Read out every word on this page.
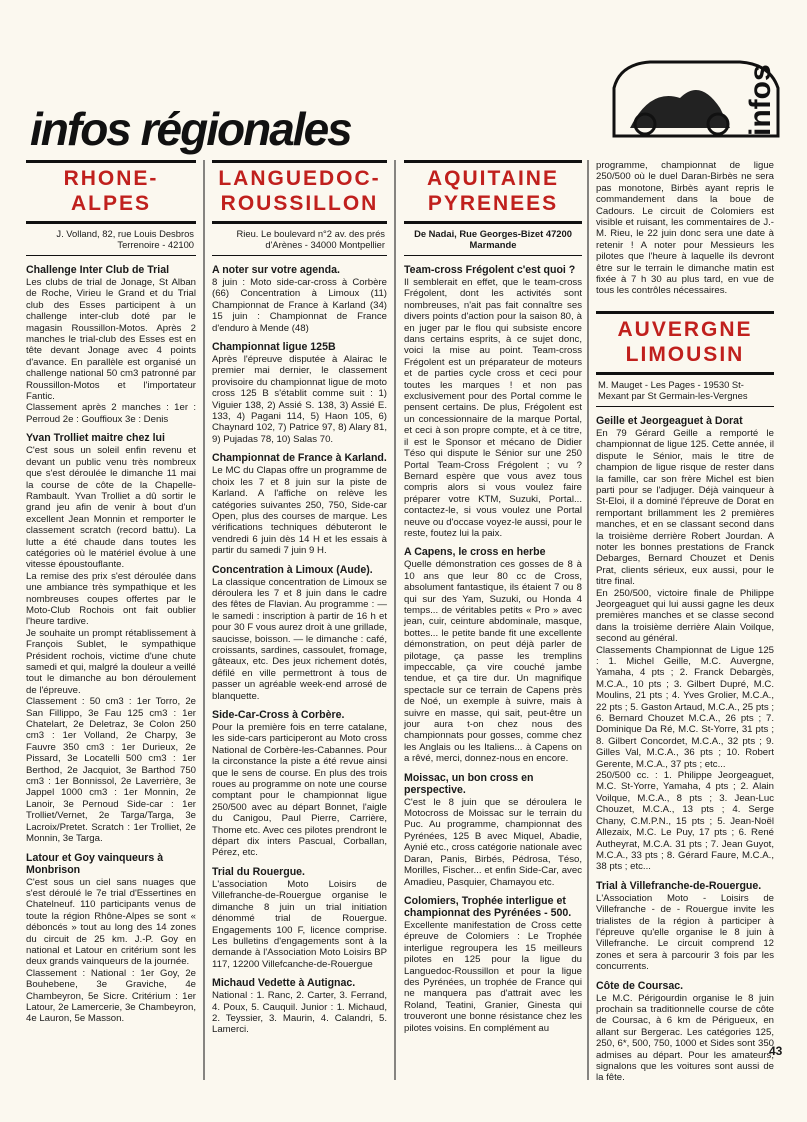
infos régionales	infos
RHONE-ALPES
J. Volland, 82, rue Louis Desbros Terrenoire - 42100
Challenge Inter Club de Trial

Les clubs de trial de Jonage, St Alban de Roche, Virieu le Grand et du Trial club des Esses participent à un challenge inter-club doté par le magasin Roussillon-Motos. Après 2 manches le trial-club des Esses est en tête devant Jonage avec 4 points d'avance. En parallèle est organisé un challenge national 50 cm3 patronné par Roussillon-Motos et l'importateur Fantic.

Classement après 2 manches : 1er : Perroud 2e : Gouffioux 3e : Denis

Yvan Trolliet maitre chez lui

C'est sous un soleil enfin revenu et devant un public venu très nombreux que s'est déroulée le dimanche 11 mai la course de côte de la Chapelle-Rambault. Yvan Trolliet a dû sortir le grand jeu afin de venir à bout d'un excellent Jean Monnin et remporter le classement scratch (record battu). La lutte a été chaude dans toutes les catégories où le matériel évolue à une vitesse époustouflante.

La remise des prix s'est déroulée dans une ambiance très sympathique et les nombreuses coupes offertes par le Moto-Club Rochois ont fait oublier l'heure tardive.

Je souhaite un prompt rétablissement à François Sublet, le sympathique Président rochois, victime d'une chute samedi et qui, malgré la douleur a veillé tout le dimanche au bon déroulement de l'épreuve.

Classement : 50 cm3 : 1er Torro, 2e San Fillippo, 3e Fau 125 cm3 : 1er Chatelart, 2e Deletraz, 3e Colon 250 cm3 : 1er Volland, 2e Charpy, 3e Fauvre 350 cm3 : 1er Durieux, 2e Pissard, 3e Locatelli 500 cm3 : 1er Berthod, 2e Jacquiot, 3e Barthod 750 cm3 : 1er Bonnissol, 2e Laverrière, 3e Jappel 1000 cm3 : 1er Monnin, 2e Lanoir, 3e Pernoud Side-car : 1er Trolliet/Vernet, 2e Targa/Targa, 3e Lacroix/Pretet. Scratch : 1er Trolliet, 2e Monnin, 3e Targa.

Latour et Goy vainqueurs à Monbrison

C'est sous un ciel sans nuages que s'est déroulé le 7e trial d'Essertines en Chatelneuf. 110 participants venus de toute la région Rhône-Alpes se sont « déboncés » tout au long des 14 zones du circuit de 25 km. J.-P. Goy en national et Latour en critérium sont les deux grands vainqueurs de la journée.

Classement : National : 1er Goy, 2e Bouhebene, 3e Graviche, 4e Chambeyron, 5e Sicre. Critérium : 1er Latour, 2e Lamercerie, 3e Chambeyron, 4e Lauron, 5e Masson.

LANGUEDOC-ROUSSILLON
Rieu. Le boulevard n°2 av. des prés d'Arènes - 34000 Montpellier
A noter sur votre agenda.

8 juin : Moto side-car-cross à Corbère (66) Concentration à Limoux (11) Championnat de France à Karland (34) 15 juin : Championnat de France d'enduro à Mende (48)

Championnat ligue 125B

Après l'épreuve disputée à Alairac le premier mai dernier, le classement provisoire du championnat ligue de moto cross 125 B s'établit comme suit : 1) Viguier 138, 2) Assié S. 138, 3) Assié E. 133, 4) Pagani 114, 5) Haon 105, 6) Chaynard 102, 7) Patrice 97, 8) Alary 81, 9) Pujadas 78, 10) Salas 70.

Championnat de France à Karland.

Le MC du Clapas offre un programme de choix les 7 et 8 juin sur la piste de Karland. A l'affiche on relève les catégories suivantes 250, 750, Side-car Open, plus des courses de marque. Les vérifications techniques débuteront le vendredi 6 juin dès 14 H et les essais à partir du samedi 7 juin 9 H.

Concentration à Limoux (Aude).

La classique concentration de Limoux se déroulera les 7 et 8 juin dans le cadre des fêtes de Flavian. Au programme : — le samedi : inscription à partir de 16 h et pour 30 F vous aurez droit à une grillade, saucisse, boisson. — le dimanche : café, croissants, sardines, cassoulet, fromage, gâteaux, etc. Des jeux richement dotés, défilé en ville permettront à tous de passer un agréable week-end arrosé de blanquette.

Side-Car-Cross à Corbère.

Pour la première fois en terre catalane, les side-cars participeront au Moto cross National de Corbère-les-Cabannes. Pour la circonstance la piste a été revue ainsi que le sens de course. En plus des trois roues au programme on note une course comptant pour le championnat ligue 250/500 avec au départ Bonnet, l'aigle du Canigou, Paul Pierre, Carrière, Thome etc. Avec ces pilotes prendront le départ dix inters Pascual, Corballan, Pérez, etc.

Trial du Rouergue.

L'association Moto Loisirs de Villefranche-de-Rouergue organise le dimanche 8 juin un trial initiation dénommé trial de Rouergue. Engagements 100 F, licence comprise. Les bulletins d'engagements sont à la demande à l'Association Moto Loisirs BP 117, 12200 Villefcanche-de-Rouergue

Michaud Vedette à Autignac.

National : 1. Ranc, 2. Carter, 3. Ferrand, 4. Poux, 5. Cauquil. Junior : 1. Michaud, 2. Teyssier, 3. Maurin, 4. Calandri, 5. Lamerci.

AQUITAINE PYRENEES
De Nadai, Rue Georges-Bizet 47200 Marmande
Team-cross Frégolent c'est quoi ?

Il semblerait en effet, que le team-cross Frégolent, dont les activités sont nombreuses, n'ait pas fait connaître ses divers points d'action pour la saison 80, à en juger par le flou qui subsiste encore dans certains esprits, à ce sujet donc, voici la mise au point. Team-cross Frégolent est un préparateur de moteurs et de parties cycle cross et ceci pour toutes les marques ! et non pas exclusivement pour des Portal comme le pensent certains. De plus, Frégolent est un concessionnaire de la marque Portal, et ceci à son propre compte, et à ce titre, il est le Sponsor et mécano de Didier Téso qui dispute le Sénior sur une 250 Portal Team-Cross Frégolent ; vu ? Bernard espère que vous avez tous compris alors si vous voulez faire préparer votre KTM, Suzuki, Portal... contactez-le, si vous voulez une Portal neuve ou d'occase voyez-le aussi, pour le reste, foutez lui la paix.

A Capens, le cross en herbe

Quelle démonstration ces gosses de 8 à 10 ans que leur 80 cc de Cross, absolument fantastique, ils étaient 7 ou 8 qui sur des Yam, Suzuki, ou Honda 4 temps... de véritables petits « Pro » avec jean, cuir, ceinture abdominale, masque, bottes... le petite bande fit une excellente démonstration, on peut déjà parler de pilotage, ça passe les tremplins impeccable, ça vire couché jambe tendue, et ça tire dur. Un magnifique spectacle sur ce terrain de Capens près de Noé, un exemple à suivre, mais à suivre en masse, qui sait, peut-être un jour aura t-on chez nous des championnats pour gosses, comme chez les Anglais ou les Italiens... à Capens on a rêvé, merci, donnez-nous en encore.

Moissac, un bon cross en perspective.

C'est le 8 juin que se déroulera le Motocross de Moissac sur le terrain du Puc. Au programme, championnat des Pyrénées, 125 B avec Miquel, Abadie, Aynié etc., cross catégorie nationale avec Daran, Panis, Birbés, Pédrosa, Téso, Morilles, Fischer... et enfin Side-Car, avec Amadieu, Pasquier, Chamayou etc.

Colomiers, Trophée interligue et championnat des Pyrénées - 500.

Excellente manifestation de Cross cette épreuve de Colomiers : Le Trophée interligue regroupera les 15 meilleurs pilotes en 125 pour la ligue du Languedoc-Roussillon et pour la ligue des Pyrénées, un trophée de France qui ne manquera pas d'attrait avec les Roland, Teatini, Granier, Ginesta qui trouveront une bonne résistance chez les pilotes voisins. En complément au

programme, championnat de ligue 250/500 où le duel Daran-Birbès ne sera pas monotone, Birbès ayant repris le commandement dans la boue de Cadours. Le circuit de Colomiers est visible et ruisant, les commentaires de J.-M. Rieu, le 22 juin donc sera une date à retenir ! A noter pour Messieurs les pilotes que l'heure à laquelle ils devront être sur le terrain le dimanche matin est fixée à 7 h 30 au plus tard, en vue de tous les contrôles nécessaires.

AUVERGNE LIMOUSIN
M. Mauget - Les Pages - 19530 St-Mexant par St Germain-les-Vergnes
Geille et Jeorgeaguet à Dorat

En 79 Gérard Geille a remporté le championnat de ligue 125. Cette année, il dispute le Sénior, mais le titre de champion de ligue risque de rester dans la famille, car son frère Michel est bien parti pour se l'adjuger. Déjà vainqueur à St-Eloi, il a dominé l'épreuve de Dorat en remportant brillamment les 2 premières manches, et en se classant second dans la troisième derrière Robert Jourdan. A noter les bonnes prestations de Franck Debarges, Bernard Chouzet et Denis Prat, clients sérieux, eux aussi, pour le titre final.

En 250/500, victoire finale de Philippe Jeorgeaguet qui lui aussi gagne les deux premières manches et se classe second dans la troisième derrière Alain Voilque, second au général.

Classements Championnat de Ligue 125 : 1. Michel Geille, M.C. Auvergne, Yamaha, 4 pts ; 2. Franck Debargès, M.C.A., 10 pts ; 3. Gilbert Dupré, M.C. Moulins, 21 pts ; 4. Yves Grolier, M.C.A., 22 pts ; 5. Gaston Artaud, M.C.A., 25 pts ; 6. Bernard Chouzet M.C.A., 26 pts ; 7. Dominique Da Ré, M.C. St-Yorre, 31 pts ; 8. Gilbert Concordet, M.C.A., 32 pts ; 9. Gilles Val, M.C.A., 36 pts ; 10. Robert Gerente, M.C.A., 37 pts ; etc...

250/500 cc. : 1. Philippe Jeorgeaguet, M.C. St-Yorre, Yamaha, 4 pts ; 2. Alain Voilque, M.C.A., 8 pts ; 3. Jean-Luc Chouzet, M.C.A., 13 pts ; 4. Serge Chany, C.M.P.N., 15 pts ; 5. Jean-Noël Allezaix, M.C. Le Puy, 17 pts ; 6. René Autheyrat, M.C.A. 31 pts ; 7. Jean Guyot, M.C.A., 33 pts ; 8. Gérard Faure, M.C.A., 38 pts ; etc...

Trial à Villefranche-de-Rouergue.

L'Association Moto - Loisirs de Villefranche - de - Rouergue invite les trialistes de la région à participer à l'épreuve qu'elle organise le 8 juin à Villefranche. Le circuit comprend 12 zones et sera à parcourir 3 fois par les concurrents.

Côte de Coursac.

Le M.C. Périgourdin organise le 8 juin prochain sa traditionnelle course de côte de Coursac, à 6 km de Périgueux, en allant sur Bergerac. Les catégories 125, 250, 6*, 500, 750, 1000 et Sides sont 350 admises au départ. Pour les amateurs, signalons que les voitures sont aussi de la fête.

43
